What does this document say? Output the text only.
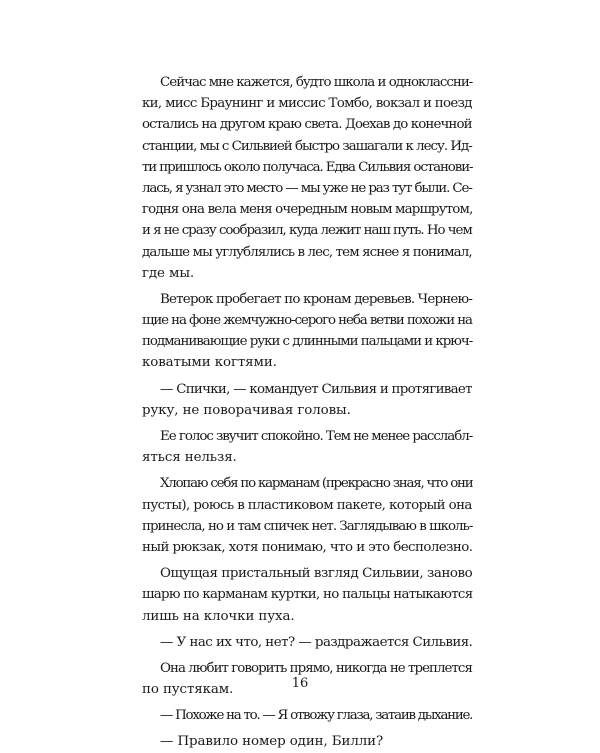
Сейчас мне кажется, будто школа и одноклассни-
ки, мисс Браунинг и миссис Томбо, вокзал и поезд
остались на другом краю света. Доехав до конечной
станции, мы с Сильвией быстро зашагали к лесу. Ид-
ти пришлось около получаса. Едва Сильвия останови-
лась, я узнал это место — мы уже не раз тут были. Се-
годня она вела меня очередным новым маршрутом,
и я не сразу сообразил, куда лежит наш путь. Но чем
дальше мы углублялись в лес, тем яснее я понимал,
где мы.
Ветерок пробегает по кронам деревьев. Чернею-
щие на фоне жемчужно-серого неба ветви похожи на
подманивающие руки с длинными пальцами и крюч-
коватыми когтями.
— Спички, — командует Сильвия и протягивает
руку, не поворачивая головы.
Ее голос звучит спокойно. Тем не менее расслабл-
яться нельзя.
Хлопаю себя по карманам (прекрасно зная, что они
пусты), роюсь в пластиковом пакете, который она
принесла, но и там спичек нет. Заглядываю в школь-
ный рюкзак, хотя понимаю, что и это бесполезно.
Ощущая пристальный взгляд Сильвии, заново
шарю по карманам куртки, но пальцы натыкаются
лишь на клочки пуха.
— У нас их что, нет? — раздражается Сильвия.
Она любит говорить прямо, никогда не треплется
по пустякам.
— Похоже на то. — Я отвожу глаза, затаив дыхание.
— Правило номер один, Билли?
16
